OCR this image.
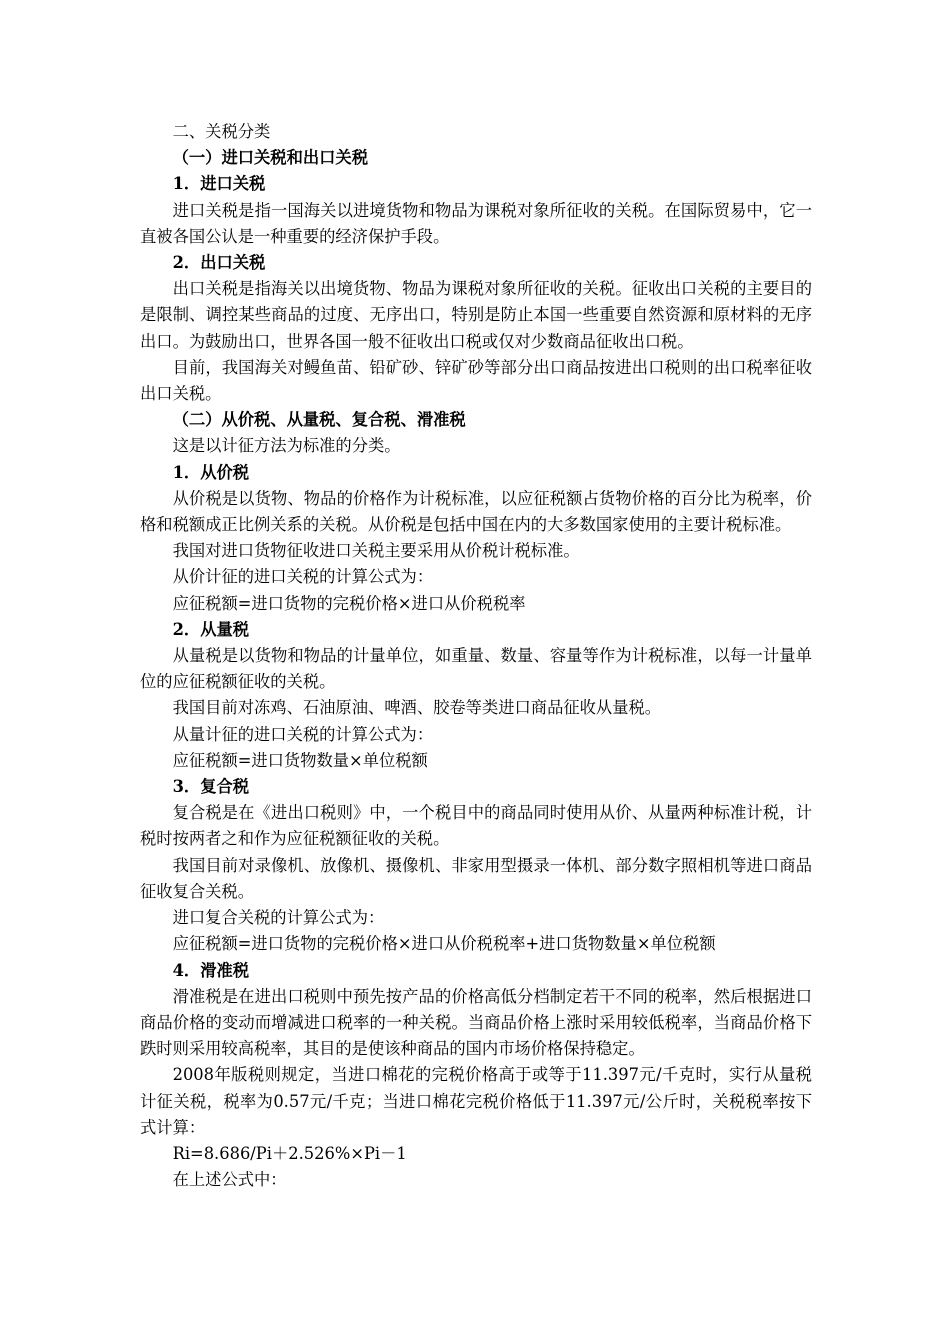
二、关税分类

（一）进口关税和出口关税

1．进口关税

进口关税是指一国海关以进境货物和物品为课税对象所征收的关税。在国际贸易中，它一直被各国公认是一种重要的经济保护手段。

2．出口关税

出口关税是指海关以出境货物、物品为课税对象所征收的关税。征收出口关税的主要目的是限制、调控某些商品的过度、无序出口，特别是防止本国一些重要自然资源和原材料的无序出口。为鼓励出口，世界各国一般不征收出口税或仅对少数商品征收出口税。

目前，我国海关对鳗鱼苗、铅矿砂、锌矿砂等部分出口商品按进出口税则的出口税率征收出口关税。

（二）从价税、从量税、复合税、滑准税

这是以计征方法为标准的分类。

1．从价税

从价税是以货物、物品的价格作为计税标准，以应征税额占货物价格的百分比为税率，价格和税额成正比例关系的关税。从价税是包括中国在内的大多数国家使用的主要计税标准。

我国对进口货物征收进口关税主要采用从价税计税标准。

从价计征的进口关税的计算公式为：

应征税额=进口货物的完税价格×进口从价税税率

2．从量税

从量税是以货物和物品的计量单位，如重量、数量、容量等作为计税标准，以每一计量单位的应征税额征收的关税。

我国目前对冻鸡、石油原油、啤酒、胶卷等类进口商品征收从量税。

从量计征的进口关税的计算公式为：

应征税额=进口货物数量×单位税额

3．复合税

复合税是在《进出口税则》中，一个税目中的商品同时使用从价、从量两种标准计税，计税时按两者之和作为应征税额征收的关税。

我国目前对录像机、放像机、摄像机、非家用型摄录一体机、部分数字照相机等进口商品征收复合关税。

进口复合关税的计算公式为：

应征税额=进口货物的完税价格×进口从价税税率+进口货物数量×单位税额

4．滑准税

滑准税是在进出口税则中预先按产品的价格高低分档制定若干不同的税率，然后根据进口商品价格的变动而增减进口税率的一种关税。当商品价格上涨时采用较低税率，当商品价格下跌时则采用较高税率，其目的是使该种商品的国内市场价格保持稳定。

2008年版税则规定，当进口棉花的完税价格高于或等于11.397元/千克时，实行从量税计征关税，税率为0.57元/千克；当进口棉花完税价格低于11.397元/公斤时，关税税率按下式计算：

Ri=8.686/Pi＋2.526%×Pi－1

在上述公式中：
